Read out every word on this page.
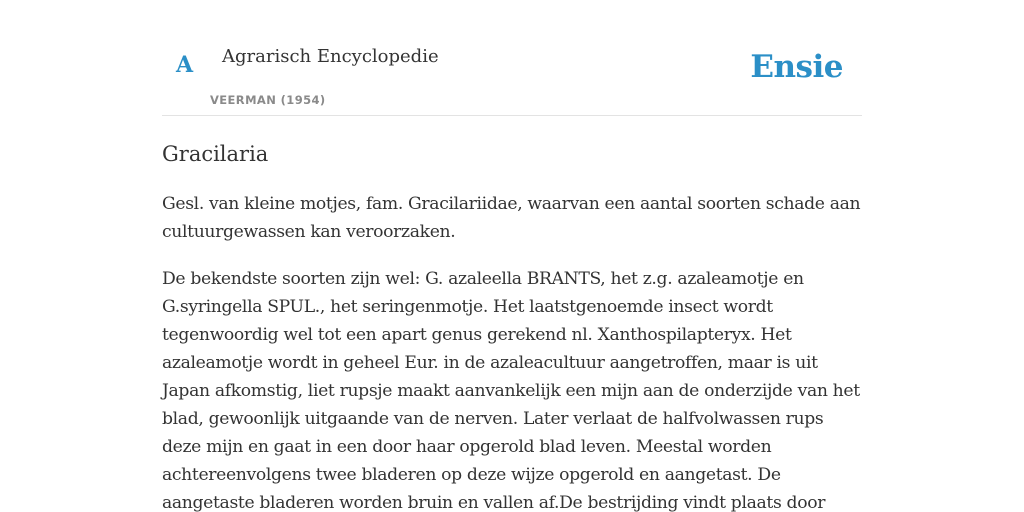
A Agrarisch Encyclopedie
VEERMAN (1954)
Ensie
Gracilaria

Gesl. van kleine motjes, fam. Gracilariidae, waarvan een aantal soorten schade aan cultuurgewassen kan veroorzaken.

De bekendste soorten zijn wel: G. azaleella BRANTS, het z.g. azaleamotje en G.syringella SPUL., het seringenmotje. Het laatstgenoemde insect wordt tegenwoordig wel tot een apart genus gerekend nl. Xanthospilapteryx. Het azaleamotje wordt in geheel Eur. in de azaleacultuur aangetroffen, maar is uit Japan afkomstig, liet rupsje maakt aanvankelijk een mijn aan de onderzijde van het blad, gewoonlijk uitgaande van de nerven. Later verlaat de halfvolwassen rups deze mijn en gaat in een door haar opgerold blad leven. Meestal worden achtereenvolgens twee bladeren op deze wijze opgerold en aangetast. De aangetaste bladeren worden bruin en vallen af.De bestrijding vindt plaats door
